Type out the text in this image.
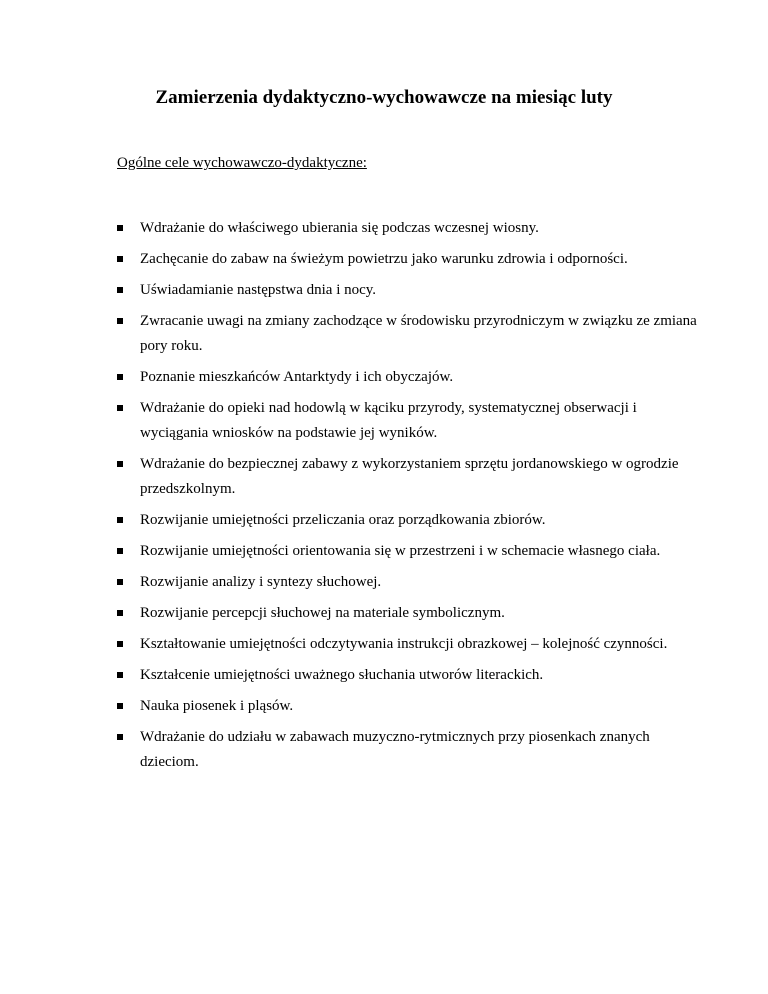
Zamierzenia dydaktyczno-wychowawcze na miesiąc luty

Ogólne cele wychowawczo-dydaktyczne:

Wdrażanie do właściwego ubierania się podczas wczesnej wiosny.
Zachęcanie do zabaw na świeżym powietrzu jako warunku zdrowia i odporności.
Uświadamianie następstwa dnia i nocy.
Zwracanie uwagi na zmiany zachodzące w środowisku przyrodniczym w związku ze zmiana pory roku.
Poznanie mieszkańców Antarktydy i ich obyczajów.
Wdrażanie do opieki nad hodowlą w kąciku przyrody, systematycznej obserwacji i wyciągania wniosków na podstawie jej wyników.
Wdrażanie do bezpiecznej zabawy z wykorzystaniem sprzętu jordanowskiego w ogrodzie przedszkolnym.
Rozwijanie umiejętności przeliczania oraz porządkowania zbiorów.
Rozwijanie umiejętności orientowania się w przestrzeni i w schemacie własnego ciała.
Rozwijanie analizy i syntezy słuchowej.
Rozwijanie percepcji słuchowej na materiale symbolicznym.
Kształtowanie umiejętności odczytywania instrukcji obrazkowej – kolejność czynności.
Kształcenie umiejętności uważnego słuchania utworów literackich.
Nauka piosenek i pląsów.
Wdrażanie do udziału w zabawach muzyczno-rytmicznych przy piosenkach znanych dzieciom.
